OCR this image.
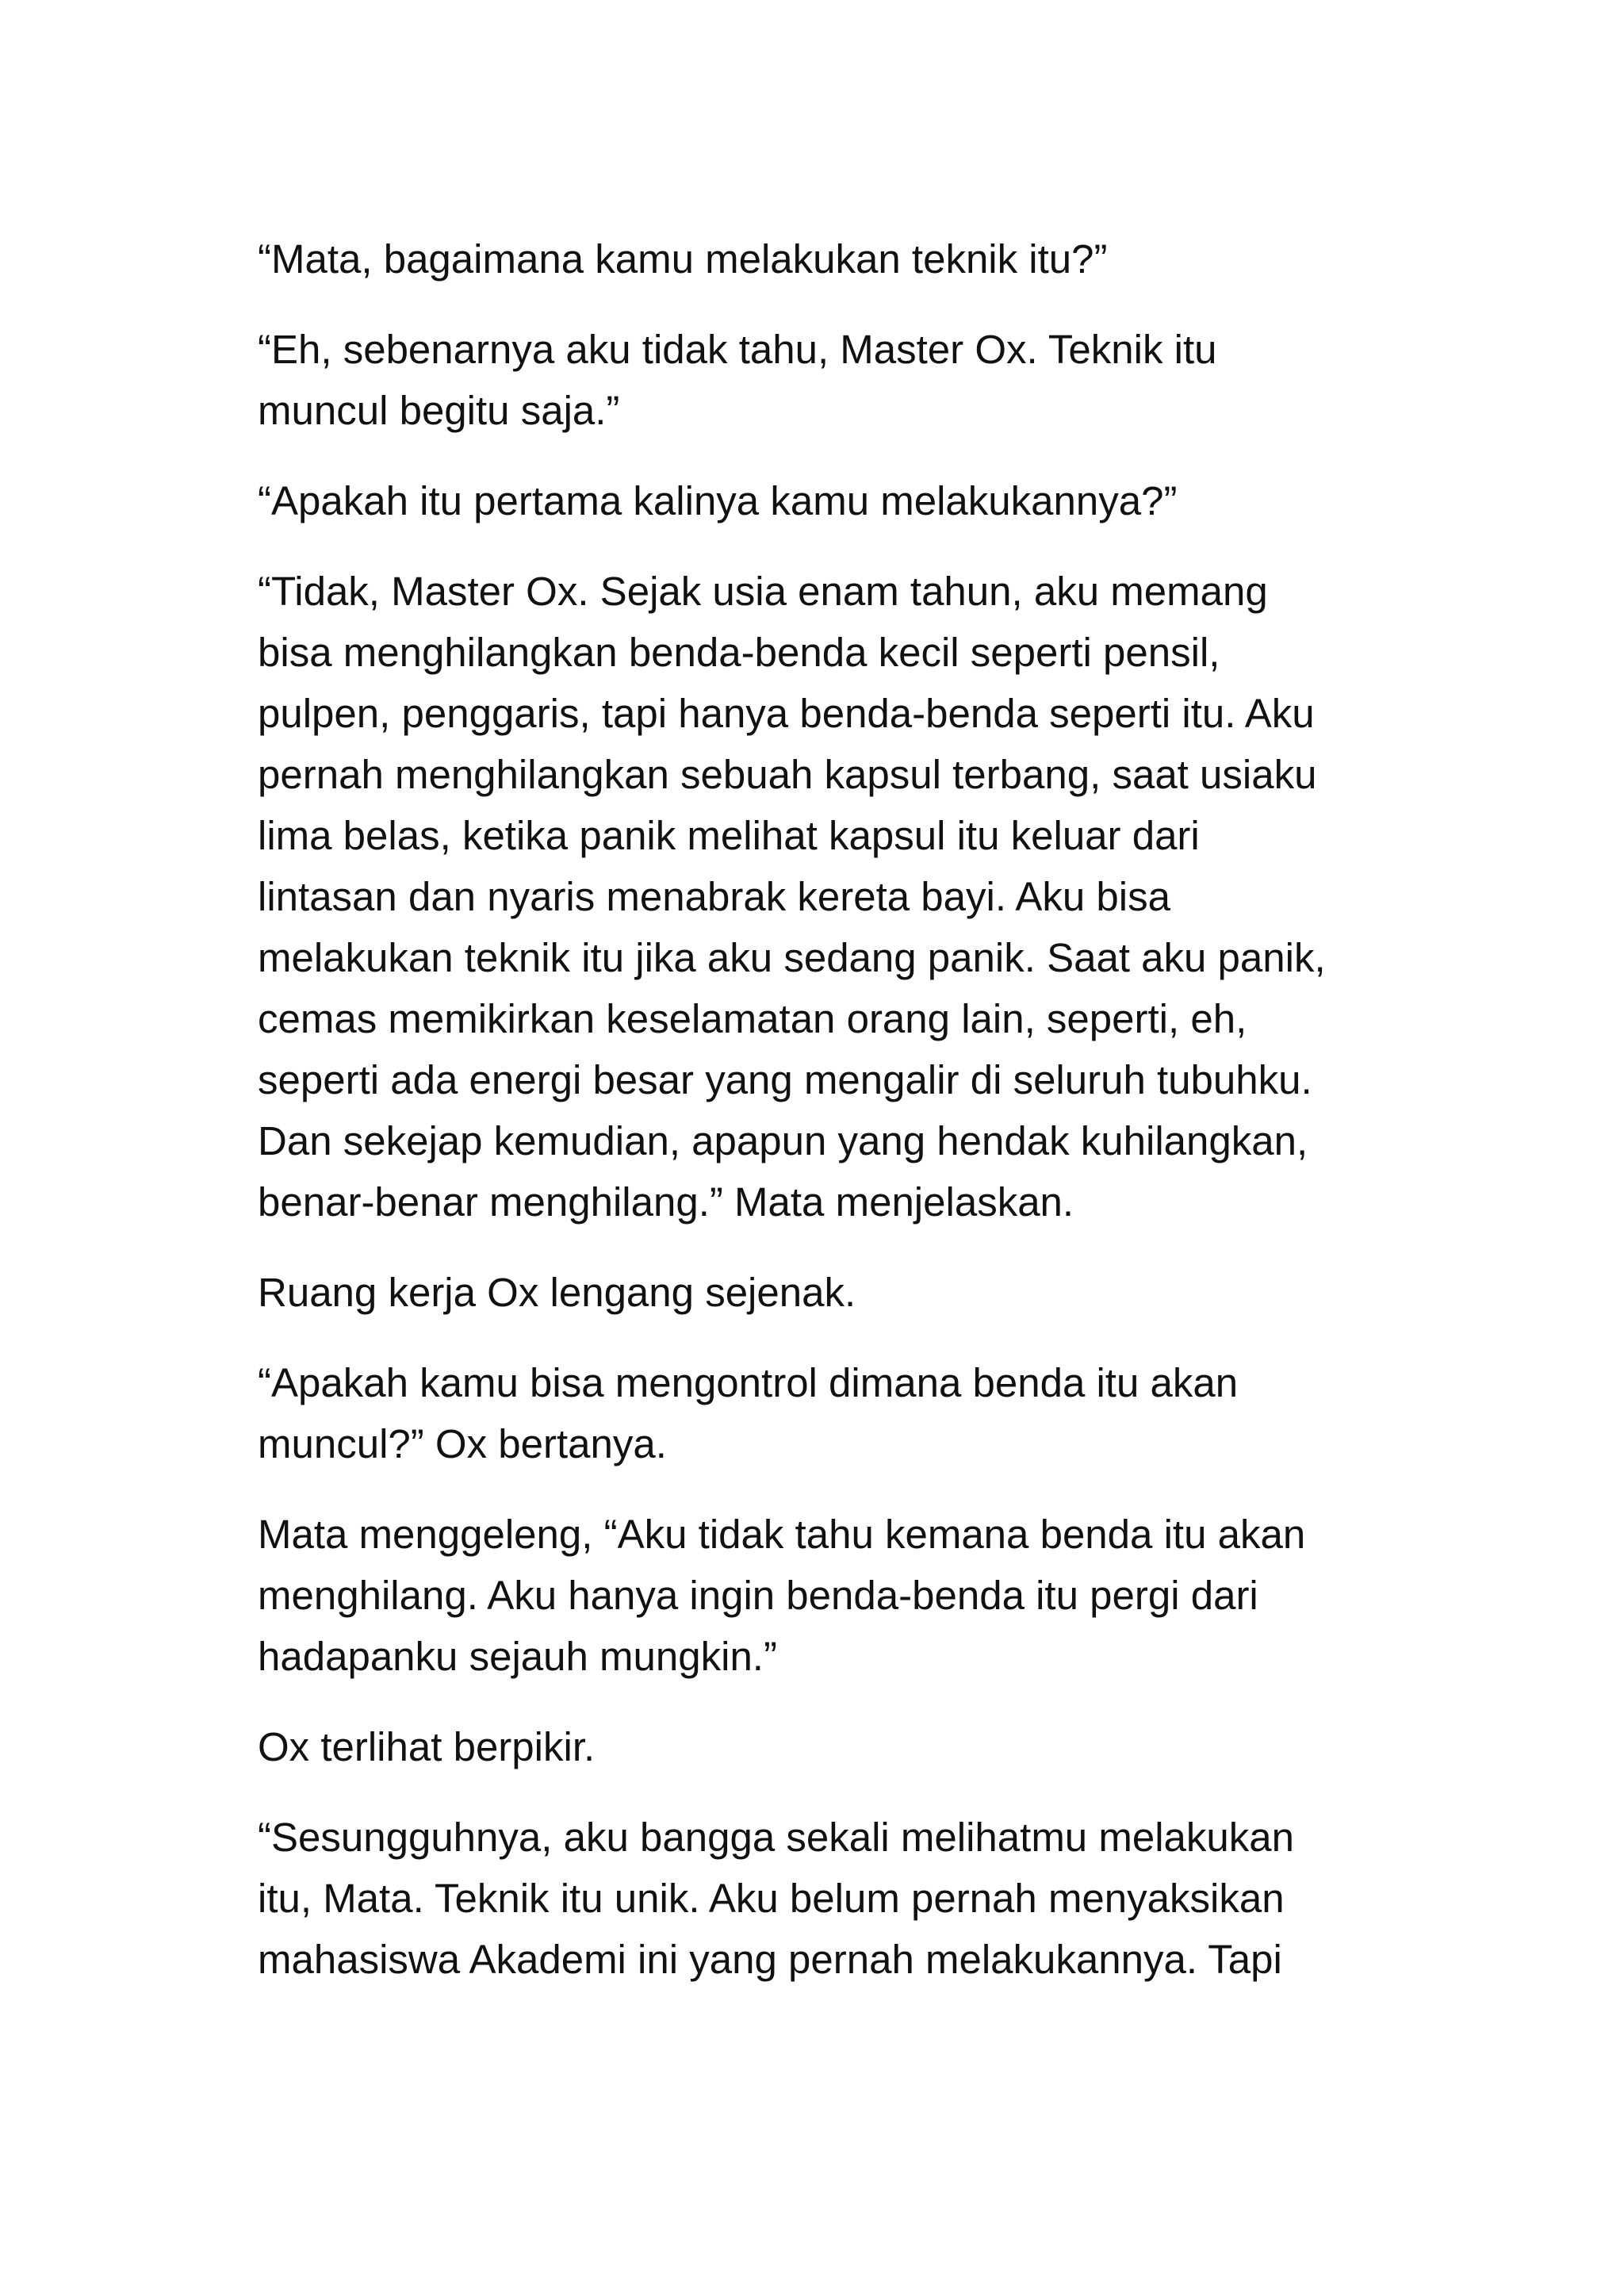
“Mata, bagaimana kamu melakukan teknik itu?”

“Eh, sebenarnya aku tidak tahu, Master Ox. Teknik itu
muncul begitu saja.”

“Apakah itu pertama kalinya kamu melakukannya?”

“Tidak, Master Ox. Sejak usia enam tahun, aku memang
bisa menghilangkan benda-benda kecil seperti pensil,
pulpen, penggaris, tapi hanya benda-benda seperti itu. Aku
pernah menghilangkan sebuah kapsul terbang, saat usiaku
lima belas, ketika panik melihat kapsul itu keluar dari
lintasan dan nyaris menabrak kereta bayi. Aku bisa
melakukan teknik itu jika aku sedang panik. Saat aku panik,
cemas memikirkan keselamatan orang lain, seperti, eh,
seperti ada energi besar yang mengalir di seluruh tubuhku.
Dan sekejap kemudian, apapun yang hendak kuhilangkan,
benar-benar menghilang.” Mata menjelaskan.

Ruang kerja Ox lengang sejenak.

“Apakah kamu bisa mengontrol dimana benda itu akan
muncul?” Ox bertanya.

Mata menggeleng, “Aku tidak tahu kemana benda itu akan
menghilang. Aku hanya ingin benda-benda itu pergi dari
hadapanku sejauh mungkin.”

Ox terlihat berpikir.

“Sesungguhnya, aku bangga sekali melihatmu melakukan
itu, Mata. Teknik itu unik. Aku belum pernah menyaksikan
mahasiswa Akademi ini yang pernah melakukannya. Tapi
